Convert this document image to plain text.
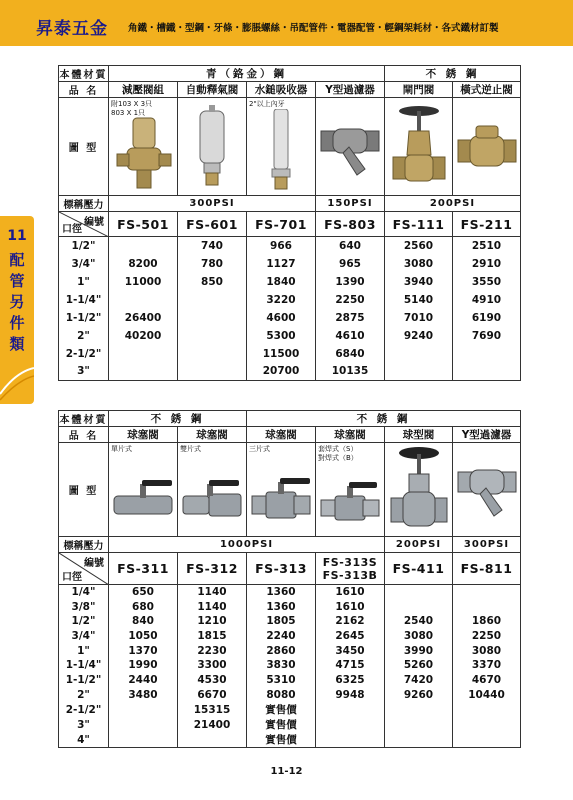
昇泰五金 角鐵・槽鐵・型鋼・牙條・膨脹螺絲・吊配管件・電器配管・輕鋼架耗材・各式鐵材訂製
11
配
管
另
件
類
本體材質	青（鉻金）鋼				不 銹 鋼	
品 名	減壓閥組	自動釋氣閥	水鎚吸收器	Y型過濾器	閘門閥	橫式逆止閥
圖 型	附103 X 3只
803 X 1只		2"以上內牙

標稱壓力	300PSI			150PSI	200PSI	

編號
口徑	FS-501	FS-601	FS-701	FS-803	FS-111	FS-211
1/2"		740	966	640	2560	2510
3/4"	8200	780	1127	965	3080	2910
1"	11000	850	1840	1390	3940	3550
1-1/4"			3220	2250	5140	4910
1-1/2"	26400		4600	2875	7010	6190
2"	40200		5300	4610	9240	7690
2-1/2"			11500	6840		
3"			20700	10135		
本體材質	不 銹 鋼		不 銹 鋼			
品 名	球塞閥	球塞閥	球塞閥	球塞閥	球型閥	Y型過濾器
圖 型	單片式	雙片式	三片式	套焊式（S）
對焊式（B）

標稱壓力	1000PSI				200PSI	300PSI

編號
口徑	FS-311	FS-312	FS-313	FS-313S
FS-313B	FS-411	FS-811
1/4"	650	1140	1360	1610		
3/8"	680	1140	1360	1610		
1/2"	840	1210	1805	2162	2540	1860
3/4"	1050	1815	2240	2645	3080	2250
1"	1370	2230	2860	3450	3990	3080
1-1/4"	1990	3300	3830	4715	5260	3370
1-1/2"	2440	4530	5310	6325	7420	4670
2"	3480	6670	8080	9948	9260	10440
2-1/2"		15315	實售價			
3"		21400	實售價			
4"			實售價			
11-12
